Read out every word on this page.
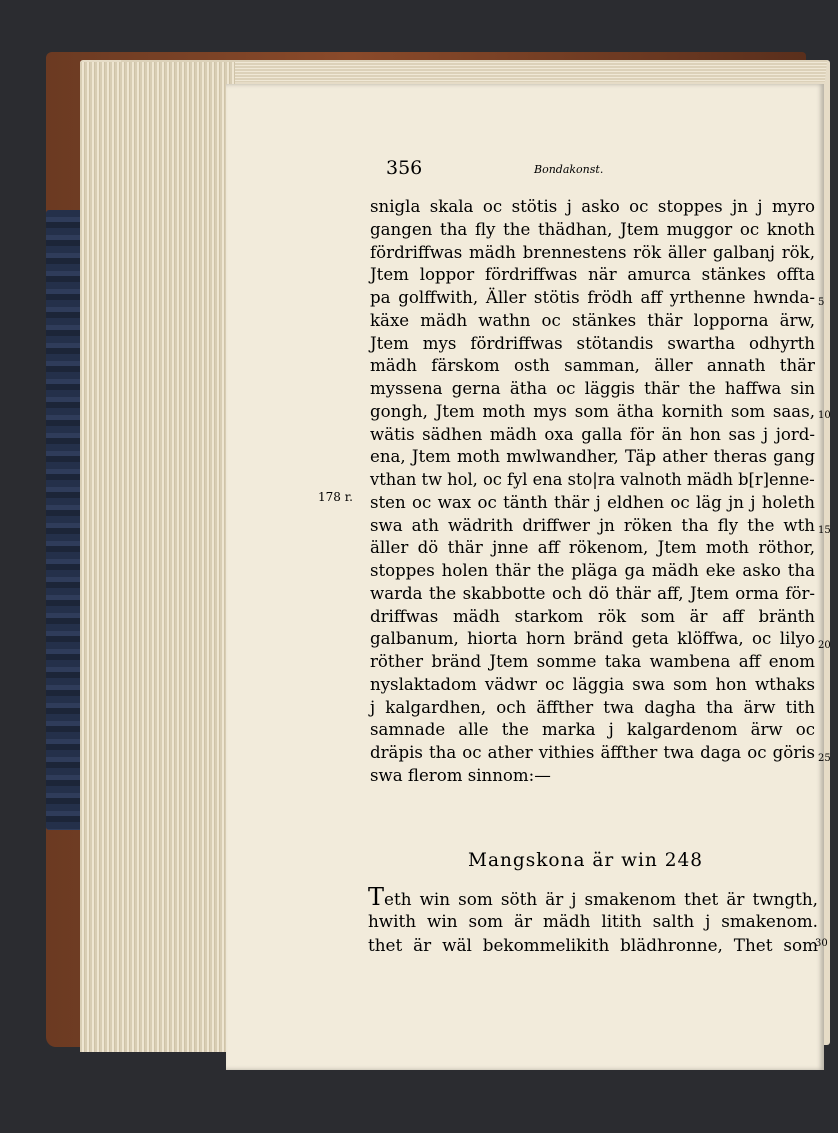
356	Bondakonst.
178 r.
snigla skala oc stötis j asko oc stoppes jn j myro
gangen tha fly the thädhan, Jtem muggor oc knoth
fördriffwas mädh brennestens rök äller galbanj rök,
Jtem loppor fördriffwas när amurca stänkes offta
pa golffwith, Äller stötis frödh aff yrthenne hwnda-
käxe mädh wathn oc stänkes thär lopporna ärw,
Jtem mys fördriffwas stötandis swartha odhyrth
mädh färskom osth samman, äller annath thär
myssena gerna ätha oc läggis thär the haffwa sin
gongh, Jtem moth mys som ätha kornith som saas,
wätis sädhen mädh oxa galla för än hon sas j jord-
ena, Jtem moth mwlwandher, Täp ather theras gang
vthan tw hol, oc fyl ena sto|ra valnoth mädh b[r]enne-
sten oc wax oc tänth thär j eldhen oc läg jn j holeth
swa ath wädrith driffwer jn röken tha fly the wth
äller dö thär jnne aff rökenom, Jtem moth röthor,
stoppes holen thär the pläga ga mädh eke asko tha
warda the skabbotte och dö thär aff, Jtem orma för-
driffwas mädh starkom rök som är aff bränth
galbanum, hiorta horn bränd geta klöffwa, oc lilyo
röther bränd Jtem somme taka wambena aff enom
nyslaktadom vädwr oc läggia swa som hon wthaks
j kalgardhen, och äffther twa dagha tha ärw tith
samnade alle the marka j kalgardenom ärw oc
dräpis tha oc ather vithies äffther twa daga oc göris
swa flerom sinnom:—
5
10
15
20
25
Mangskona är win 248
Teth win som söth är j smakenom thet är twngth,
hwith win som är mädh litith salth j smakenom.
thet är wäl bekommelikith blädhronne, Thet som
30
